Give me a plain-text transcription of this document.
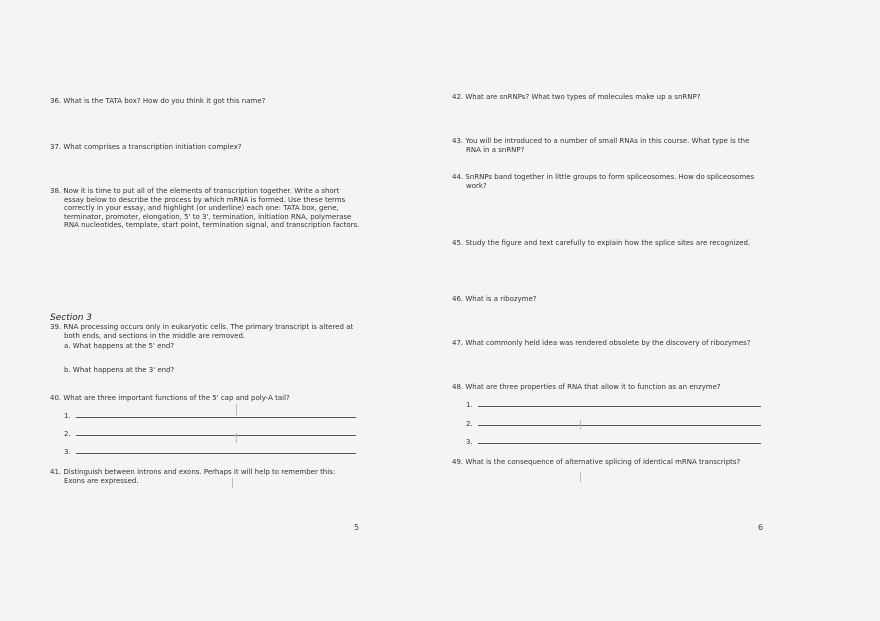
36. What is the TATA box? How do you think it got this name?

37. What comprises a transcription initiation complex?

38. Now it is time to put all of the elements of transcription together. Write a short
essay below to describe the process by which mRNA is formed. Use these terms
correctly in your essay, and highlight (or underline) each one: TATA box, gene,
terminator, promoter, elongation, 5' to 3', termination, initiation RNA, polymerase
RNA nucleotides, template, start point, termination signal, and transcription factors.

Section 3

39. RNA processing occurs only in eukaryotic cells. The primary transcript is altered at
both ends, and sections in the middle are removed.

a. What happens at the 5' end?

b. What happens at the 3' end?

40. What are three important functions of the 5' cap and poly-A tail?

1.
2.
3.
41. Distinguish between introns and exons. Perhaps it will help to remember this:
Exons are expressed.

5

42. What are snRNPs? What two types of molecules make up a snRNP?

43. You will be introduced to a number of small RNAs in this course. What type is the
RNA in a snRNP?
44. SnRNPs band together in little groups to form spliceosomes. How do spliceosomes
work?

45. Study the figure and text carefully to explain how the splice sites are recognized.

46. What is a ribozyme?

47. What commonly held idea was rendered obsolete by the discovery of ribozymes?

48. What are three properties of RNA that allow it to function as an enzyme?

1.
2.
3.

49. What is the consequence of alternative splicing of identical mRNA transcripts?

6
